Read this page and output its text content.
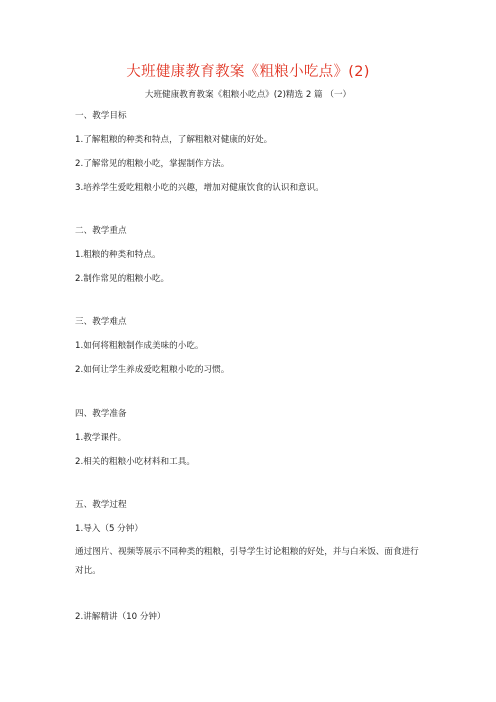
大班健康教育教案《粗粮小吃点》(2)
大班健康教育教案《粗粮小吃点》(2)精选 2 篇 （一）
一、教学目标
1.了解粗粮的种类和特点，了解粗粮对健康的好处。
2.了解常见的粗粮小吃，掌握制作方法。
3.培养学生爱吃粗粮小吃的兴趣，增加对健康饮食的认识和意识。
二、教学重点
1.粗粮的种类和特点。
2.制作常见的粗粮小吃。
三、教学难点
1.如何将粗粮制作成美味的小吃。
2.如何让学生养成爱吃粗粮小吃的习惯。
四、教学准备
1.教学课件。
2.相关的粗粮小吃材料和工具。
五、教学过程
1.导入（5 分钟）
通过图片、视频等展示不同种类的粗粮，引导学生讨论粗粮的好处，并与白米饭、面食进行对比。
2.讲解精讲（10 分钟）
